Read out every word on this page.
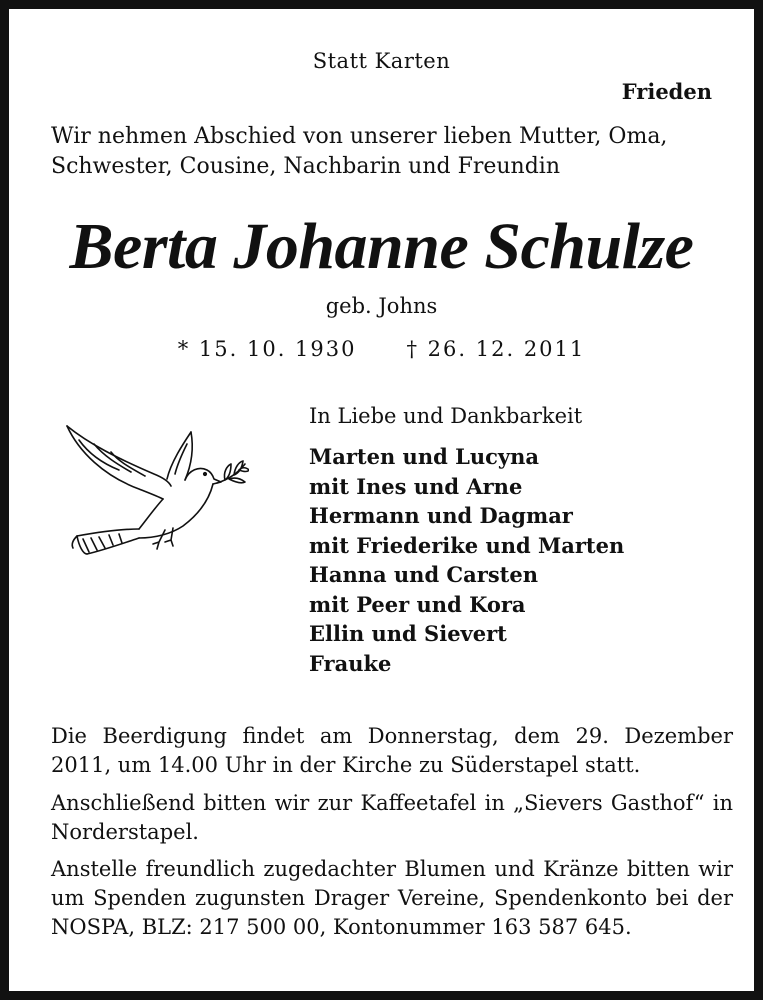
Statt Karten
Frieden
Wir nehmen Abschied von unserer lieben Mutter, Oma,
Schwester, Cousine, Nachbarin und Freundin
Berta Johanne Schulze
geb. Johns
* 15. 10. 1930 † 26. 12. 2011
In Liebe und Dankbarkeit
Marten und Lucyna
mit Ines und Arne
Hermann und Dagmar
mit Friederike und Marten
Hanna und Carsten
mit Peer und Kora
Ellin und Sievert
Frauke
Die Beerdigung findet am Donnerstag, dem 29. Dezember 2011, um 14.00 Uhr in der Kirche zu Süderstapel statt.
Anschließend bitten wir zur Kaffeetafel in „Sievers Gasthof“ in Norderstapel.
Anstelle freundlich zugedachter Blumen und Kränze bitten wir um Spenden zugunsten Drager Vereine, Spendenkonto bei der NOSPA, BLZ: 217 500 00, Kontonummer 163 587 645.
